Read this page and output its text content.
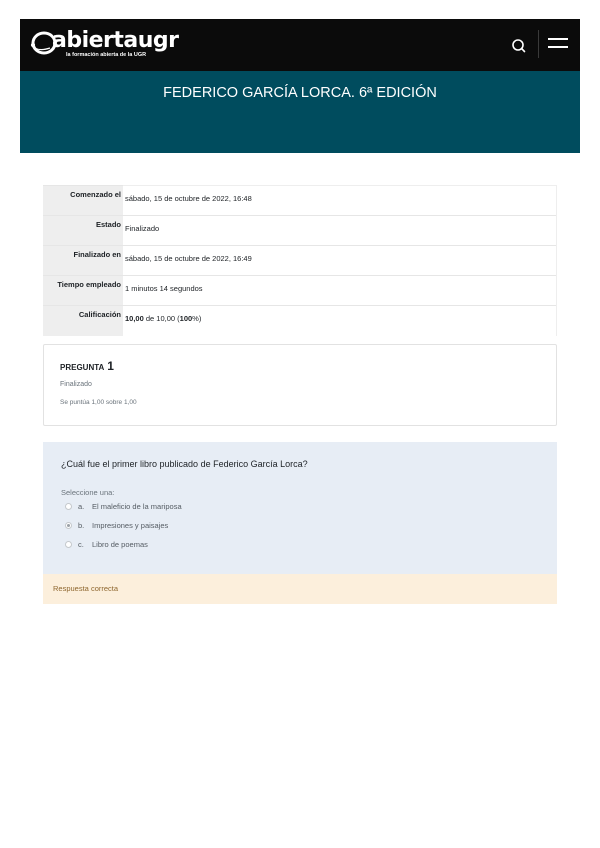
abiertaugr
la formación abierta de la UGR
FEDERICO GARCÍA LORCA. 6ª EDICIÓN
Comenzado el	sábado, 15 de octubre de 2022, 16:48
Estado	Finalizado
Finalizado en	sábado, 15 de octubre de 2022, 16:49
Tiempo empleado	1 minutos 14 segundos
Calificación	10,00 de 10,00 (100%)
PREGUNTA 1
Finalizado
Se puntúa 1,00 sobre 1,00
¿Cuál fue el primer libro publicado de Federico García Lorca?
Seleccione una:
a.	El maleficio de la mariposa
b.	Impresiones y paisajes
c.	Libro de poemas
Respuesta correcta
